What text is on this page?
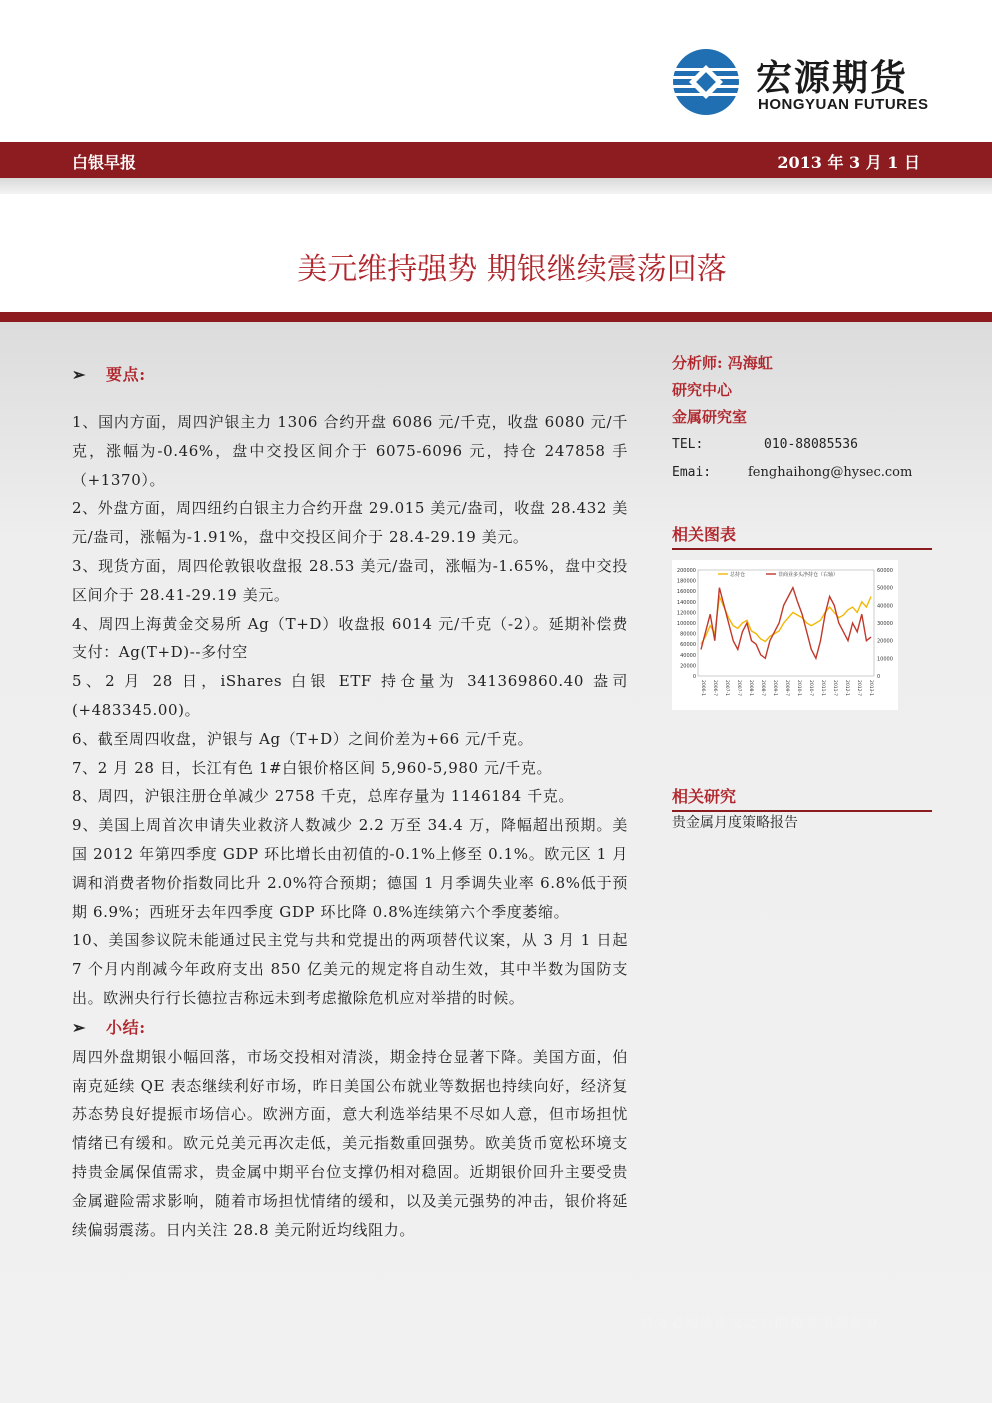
宏源期货
HONGYUAN FUTURES
白银早报	2013 年 3 月 1 日
美元维持强势 期银继续震荡回落

➢ 要点:

1、国内方面，周四沪银主力 1306 合约开盘 6086 元/千克，收盘 6080 元/千克，涨幅为-0.46%，盘中交投区间介于 6075-6096 元，持仓 247858 手（+1370）。

2、外盘方面，周四纽约白银主力合约开盘 29.015 美元/盎司，收盘 28.432 美元/盎司，涨幅为-1.91%，盘中交投区间介于 28.4-29.19 美元。

3、现货方面，周四伦敦银收盘报 28.53 美元/盎司，涨幅为-1.65%，盘中交投区间介于 28.41-29.19 美元。

4、周四上海黄金交易所 Ag（T+D）收盘报 6014 元/千克（-2）。延期补偿费支付：Ag(T+D)--多付空

5、2 月 28 日，iShares 白银 ETF 持仓量为 341369860.40 盎司(+483345.00)。

6、截至周四收盘，沪银与 Ag（T+D）之间价差为+66 元/千克。

7、2 月 28 日，长江有色 1#白银价格区间 5,960-5,980 元/千克。

8、周四，沪银注册仓单减少 2758 千克，总库存量为 1146184 千克。

9、美国上周首次申请失业救济人数减少 2.2 万至 34.4 万，降幅超出预期。美国 2012 年第四季度 GDP 环比增长由初值的-0.1%上修至 0.1%。欧元区 1 月调和消费者物价指数同比升 2.0%符合预期；德国 1 月季调失业率 6.8%低于预期 6.9%；西班牙去年四季度 GDP 环比降 0.8%连续第六个季度萎缩。

10、美国参议院未能通过民主党与共和党提出的两项替代议案，从 3 月 1 日起 7 个月内削减今年政府支出 850 亿美元的规定将自动生效，其中半数为国防支出。欧洲央行行长德拉吉称远未到考虑撤除危机应对举措的时候。

➢ 小结:

周四外盘期银小幅回落，市场交投相对清淡，期金持仓显著下降。美国方面，伯南克延续 QE 表态继续利好市场，昨日美国公布就业等数据也持续向好，经济复苏态势良好提振市场信心。欧洲方面，意大利选举结果不尽如人意，但市场担忧情绪已有缓和。欧元兑美元再次走低，美元指数重回强势。欧美货币宽松环境支持贵金属保值需求，贵金属中期平台位支撑仍相对稳固。近期银价回升主要受贵金属避险需求影响，随着市场担忧情绪的缓和，以及美元强势的冲击，银价将延续偏弱震荡。日内关注 28.8 美元附近均线阻力。

分析师: 冯海虹
研究中心
金属研究室
TEL:	010-88085536
Emai:	fenghaihong@hysec.com
相关图表
200000
180000
160000
140000
120000
100000
80000
60000
40000
20000
0
60000
50000
40000
30000
20000
10000
0
2006-1 2006-7 2007-1 2007-7 2008-1 2008-7 2009-1 2009-7 2010-1 2010-7 2011-1 2011-7 2012-1 2012-7 2013-1
总持仓	非商业多头净持仓（右轴）
相关研究
贵金属月度策略报告
请务必阅读正文之后的免责条款部分
